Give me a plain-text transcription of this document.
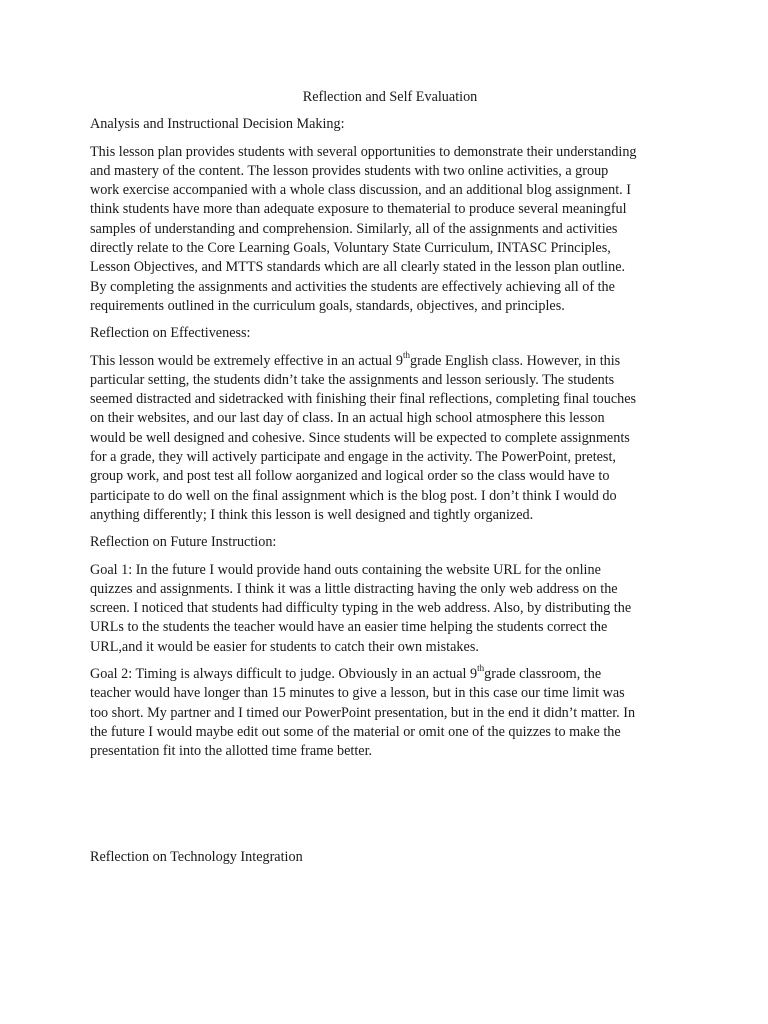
Reflection and Self Evaluation

Analysis and Instructional Decision Making:

This lesson plan provides students with several opportunities to demonstrate their understanding
and mastery of the content. The lesson provides students with two online activities, a group
work exercise accompanied with a whole class discussion, and an additional blog assignment. I
think students have more than adequate exposure to thematerial to produce several meaningful
samples of understanding and comprehension. Similarly, all of the assignments and activities
directly relate to the Core Learning Goals, Voluntary State Curriculum, INTASC Principles,
Lesson Objectives, and MTTS standards which are all clearly stated in the lesson plan outline.
By completing the assignments and activities the students are effectively achieving all of the
requirements outlined in the curriculum goals, standards, objectives, and principles.

Reflection on Effectiveness:

This lesson would be extremely effective in an actual 9thgrade English class. However, in this
particular setting, the students didn’t take the assignments and lesson seriously. The students
seemed distracted and sidetracked with finishing their final reflections, completing final touches
on their websites, and our last day of class. In an actual high school atmosphere this lesson
would be well designed and cohesive. Since students will be expected to complete assignments
for a grade, they will actively participate and engage in the activity. The PowerPoint, pretest,
group work, and post test all follow aorganized and logical order so the class would have to
participate to do well on the final assignment which is the blog post. I don’t think I would do
anything differently; I think this lesson is well designed and tightly organized.

Reflection on Future Instruction:

Goal 1: In the future I would provide hand outs containing the website URL for the online
quizzes and assignments. I think it was a little distracting having the only web address on the
screen. I noticed that students had difficulty typing in the web address. Also, by distributing the
URLs to the students the teacher would have an easier time helping the students correct the
URL,and it would be easier for students to catch their own mistakes.

Goal 2: Timing is always difficult to judge. Obviously in an actual 9thgrade classroom, the
teacher would have longer than 15 minutes to give a lesson, but in this case our time limit was
too short. My partner and I timed our PowerPoint presentation, but in the end it didn’t matter. In
the future I would maybe edit out some of the material or omit one of the quizzes to make the
presentation fit into the allotted time frame better.

Reflection on Technology Integration
